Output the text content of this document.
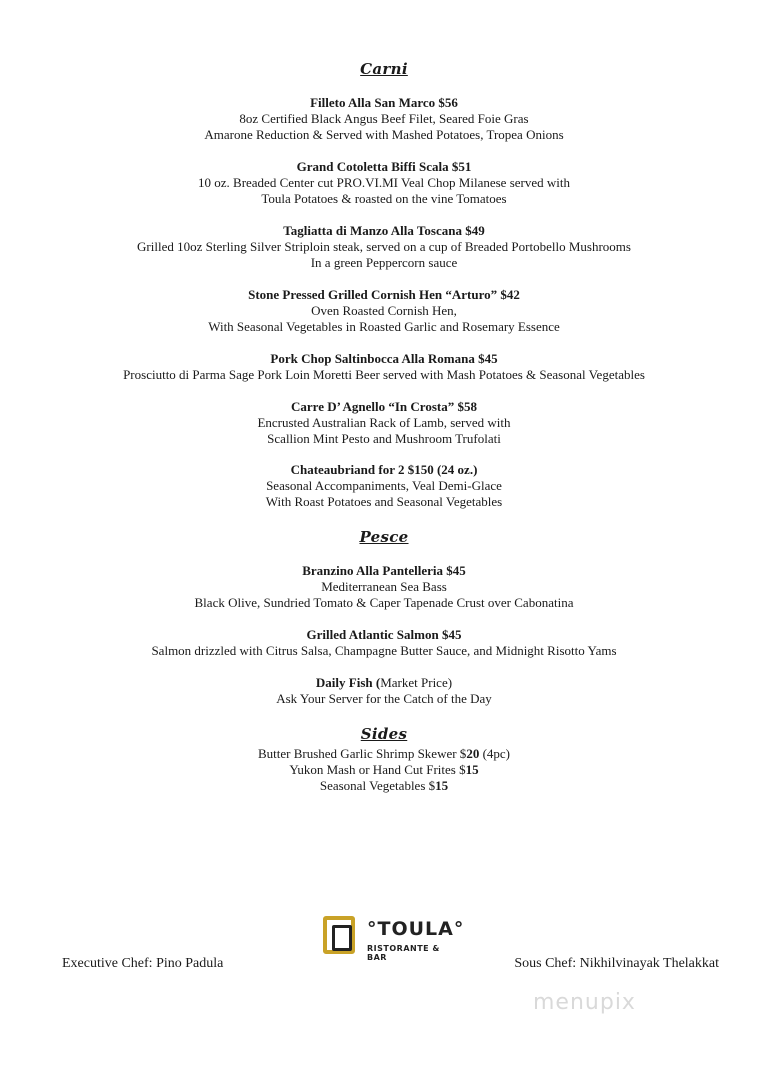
Carni
Filleto Alla San Marco $56
8oz Certified Black Angus Beef Filet, Seared Foie Gras
Amarone Reduction & Served with Mashed Potatoes, Tropea Onions
Grand Cotoletta Biffi Scala $51
10 oz. Breaded Center cut PRO.VI.MI Veal Chop Milanese served with
Toula Potatoes & roasted on the vine Tomatoes
Tagliatta di Manzo Alla Toscana $49
Grilled 10oz Sterling Silver Striploin steak, served on a cup of Breaded Portobello Mushrooms
In a green Peppercorn sauce
Stone Pressed Grilled Cornish Hen “Arturo” $42
Oven Roasted Cornish Hen,
With Seasonal Vegetables in Roasted Garlic and Rosemary Essence
Pork Chop Saltinbocca Alla Romana $45
Prosciutto di Parma Sage Pork Loin Moretti Beer served with Mash Potatoes & Seasonal Vegetables
Carre D’ Agnello “In Crosta” $58
Encrusted Australian Rack of Lamb, served with
Scallion Mint Pesto and Mushroom Trufolati
Chateaubriand for 2 $150 (24 oz.)
Seasonal Accompaniments, Veal Demi-Glace
With Roast Potatoes and Seasonal Vegetables
Pesce
Branzino Alla Pantelleria $45
Mediterranean Sea Bass
Black Olive, Sundried Tomato & Caper Tapenade Crust over Cabonatina
Grilled Atlantic Salmon $45
Salmon drizzled with Citrus Salsa, Champagne Butter Sauce, and Midnight Risotto Yams
Daily Fish (Market Price)
Ask Your Server for the Catch of the Day
Sides
Butter Brushed Garlic Shrimp Skewer $20 (4pc)
Yukon Mash or Hand Cut Frites $15
Seasonal Vegetables $15
°TOULA°
RISTORANTE & BAR
Executive Chef: Pino Padula	Sous Chef: Nikhilvinayak Thelakkat
menupix
